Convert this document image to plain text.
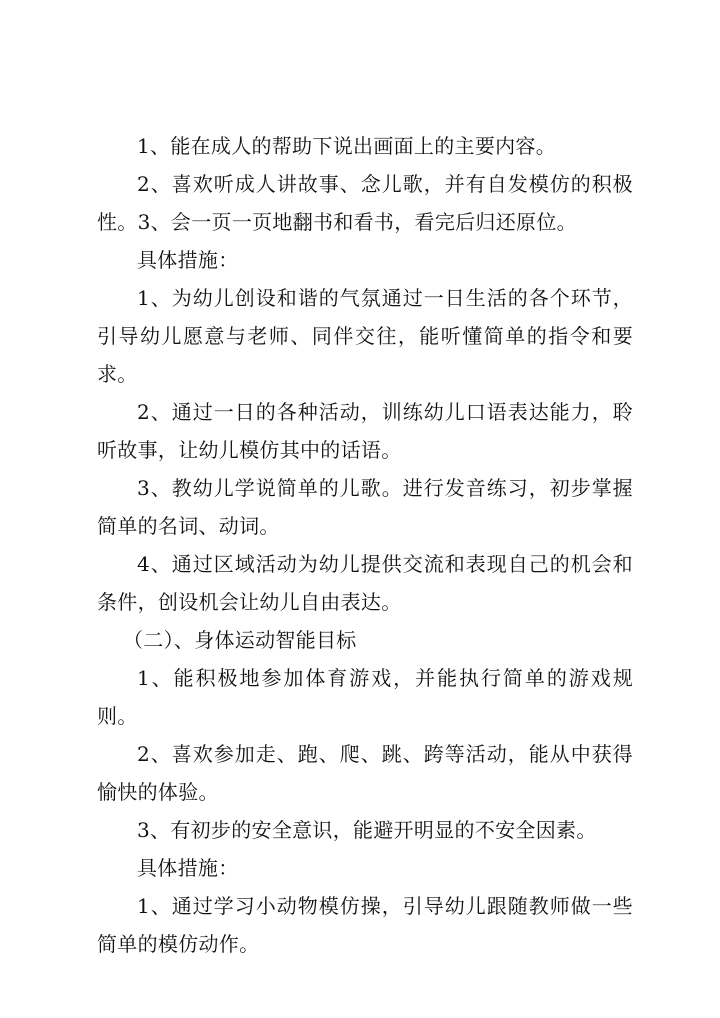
1、能在成人的帮助下说出画面上的主要内容。

2、喜欢听成人讲故事、念儿歌，并有自发模仿的积极性。3、会一页一页地翻书和看书，看完后归还原位。

具体措施：

1、为幼儿创设和谐的气氛通过一日生活的各个环节，引导幼儿愿意与老师、同伴交往，能听懂简单的指令和要求。

2、通过一日的各种活动，训练幼儿口语表达能力，聆听故事，让幼儿模仿其中的话语。

3、教幼儿学说简单的儿歌。进行发音练习，初步掌握简单的名词、动词。

4、通过区域活动为幼儿提供交流和表现自己的机会和条件，创设机会让幼儿自由表达。

（二）、身体运动智能目标

1、能积极地参加体育游戏，并能执行简单的游戏规则。

2、喜欢参加走、跑、爬、跳、跨等活动，能从中获得愉快的体验。

3、有初步的安全意识，能避开明显的不安全因素。

具体措施：

1、通过学习小动物模仿操，引导幼儿跟随教师做一些简单的模仿动作。
